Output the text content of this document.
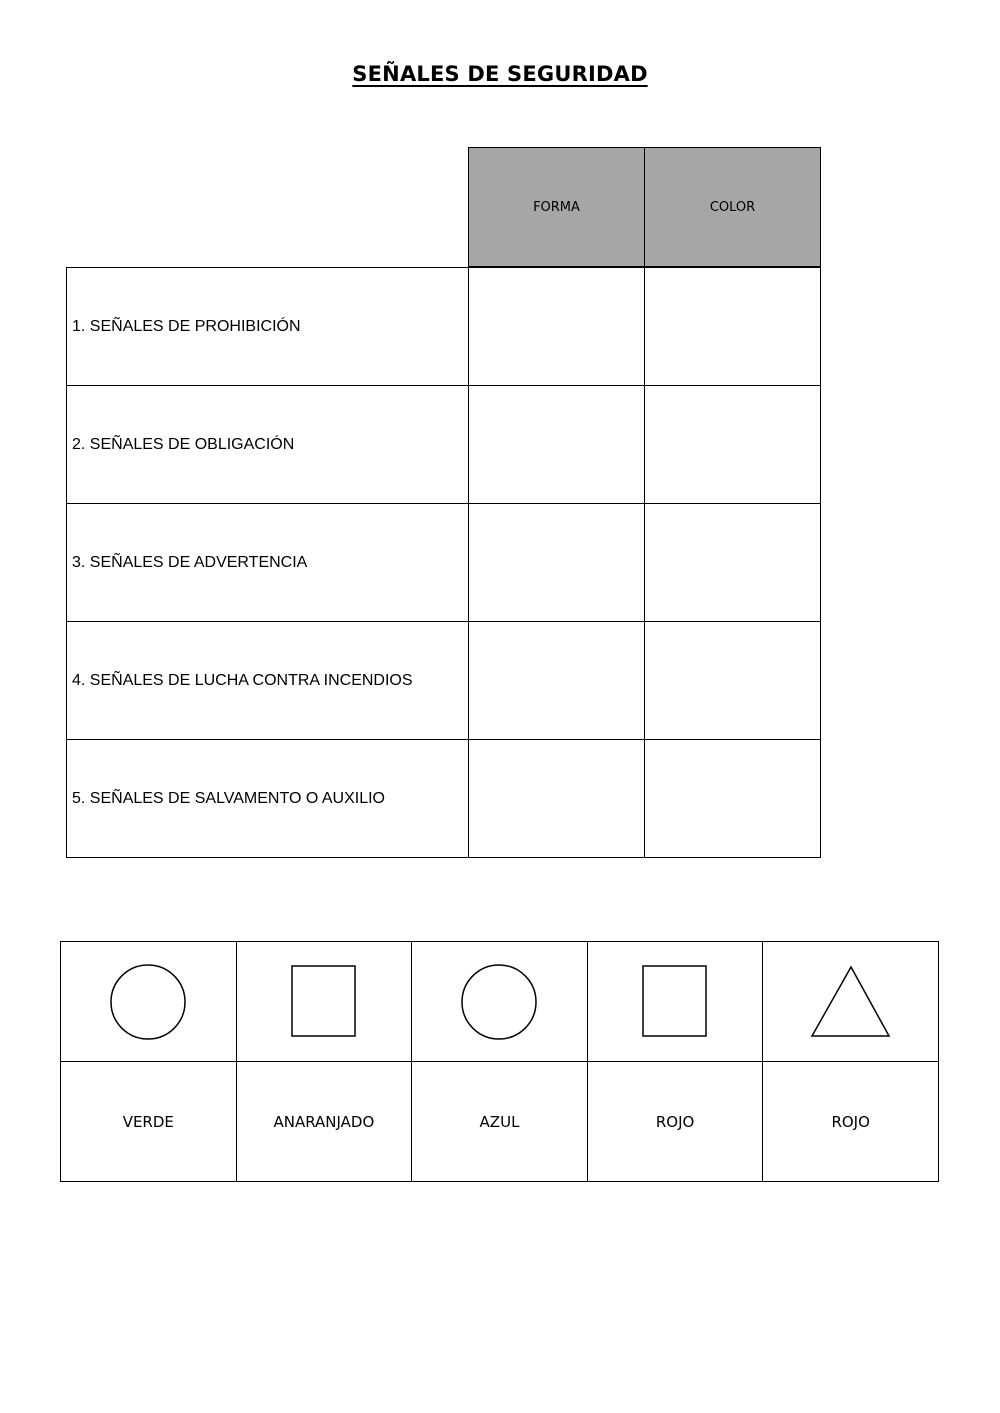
SEÑALES DE SEGURIDAD
FORMA	COLOR
1. SEÑALES DE PROHIBICIÓN		
2. SEÑALES DE OBLIGACIÓN		
3. SEÑALES DE ADVERTENCIA		
4. SEÑALES DE LUCHA CONTRA INCENDIOS		
5. SEÑALES DE SALVAMENTO O AUXILIO		

VERDE	ANARANJADO	AZUL	ROJO	ROJO
